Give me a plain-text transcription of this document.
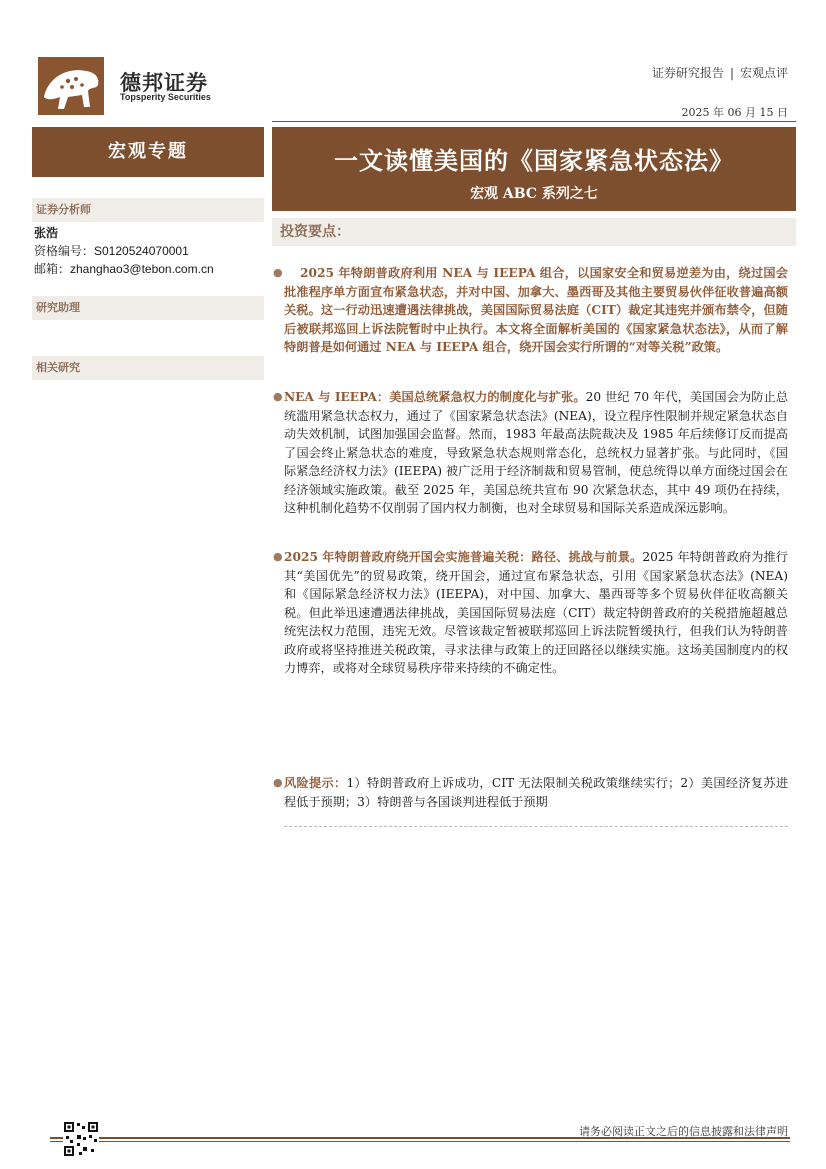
德邦证券
Topsperity Securities
证券研究报告 | 宏观点评
2025 年 06 月 15 日
宏观专题
证券分析师
张浩
资格编号：S0120524070001
邮箱：zhanghao3@tebon.com.cn
研究助理
相关研究
一文读懂美国的《国家紧急状态法》
宏观 ABC 系列之七
投资要点：
● 2025 年特朗普政府利用 NEA 与 IEEPA 组合，以国家安全和贸易逆差为由，绕过国会批准程序单方面宣布紧急状态，并对中国、加拿大、墨西哥及其他主要贸易伙伴征收普遍高额关税。这一行动迅速遭遇法律挑战，美国国际贸易法庭（CIT）裁定其违宪并颁布禁令，但随后被联邦巡回上诉法院暂时中止执行。本文将全面解析美国的《国家紧急状态法》，从而了解特朗普是如何通过 NEA 与 IEEPA 组合，绕开国会实行所谓的“对等关税”政策。
● NEA 与 IEEPA：美国总统紧急权力的制度化与扩张。20 世纪 70 年代，美国国会为防止总统滥用紧急状态权力，通过了《国家紧急状态法》(NEA)，设立程序性限制并规定紧急状态自动失效机制，试图加强国会监督。然而，1983 年最高法院裁决及 1985 年后续修订反而提高了国会终止紧急状态的难度，导致紧急状态规则常态化，总统权力显著扩张。与此同时，《国际紧急经济权力法》(IEEPA) 被广泛用于经济制裁和贸易管制，使总统得以单方面绕过国会在经济领域实施政策。截至 2025 年，美国总统共宣布 90 次紧急状态，其中 49 项仍在持续，这种机制化趋势不仅削弱了国内权力制衡，也对全球贸易和国际关系造成深远影响。
● 2025 年特朗普政府绕开国会实施普遍关税：路径、挑战与前景。2025 年特朗普政府为推行其“美国优先”的贸易政策，绕开国会，通过宣布紧急状态，引用《国家紧急状态法》(NEA) 和《国际紧急经济权力法》(IEEPA)，对中国、加拿大、墨西哥等多个贸易伙伴征收高额关税。但此举迅速遭遇法律挑战，美国国际贸易法庭（CIT）裁定特朗普政府的关税措施超越总统宪法权力范围，违宪无效。尽管该裁定暂被联邦巡回上诉法院暂缓执行，但我们认为特朗普政府或将坚持推进关税政策，寻求法律与政策上的迂回路径以继续实施。这场美国制度内的权力博弈，或将对全球贸易秩序带来持续的不确定性。
● 风险提示：1）特朗普政府上诉成功，CIT 无法限制关税政策继续实行；2）美国经济复苏进程低于预期；3）特朗普与各国谈判进程低于预期
请务必阅读正文之后的信息披露和法律声明
